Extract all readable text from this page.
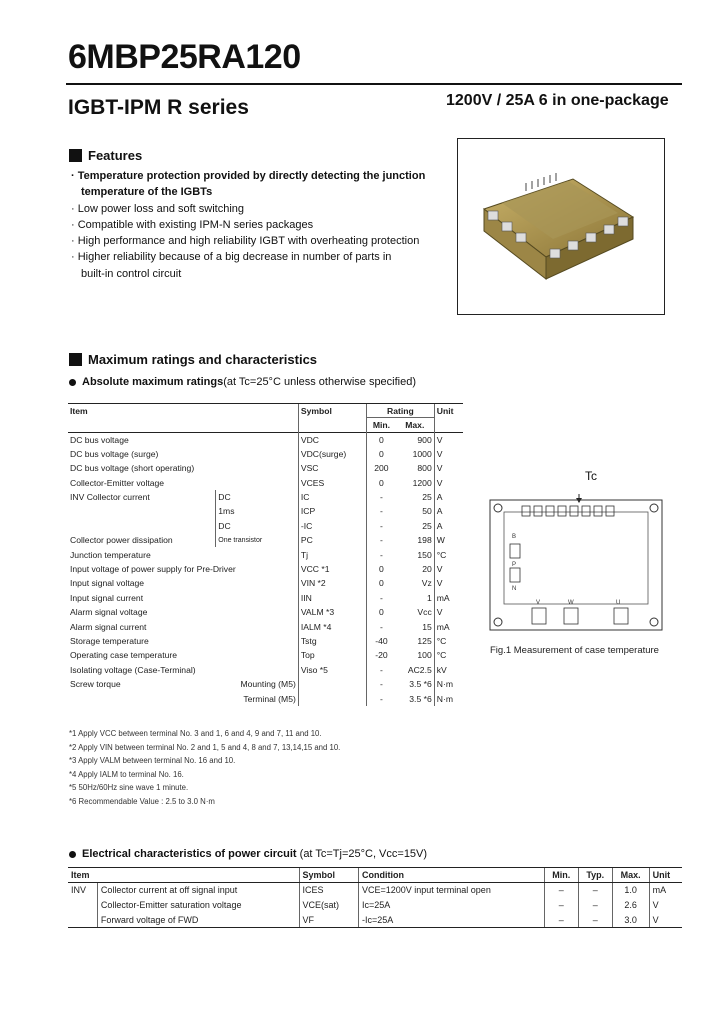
6MBP25RA120
IGBT-IPM R series	1200V / 25A 6 in one-package
Features
· Temperature protection provided by directly detecting the junction
temperature of the IGBTs
· Low power loss and soft switching
· Compatible with existing IPM-N series packages
· High performance and high reliability IGBT with overheating protection
· Higher reliability because of a big decrease in number of parts in
built-in control circuit
Maximum ratings and characteristics
Absolute maximum ratings(at Tc=25°C unless otherwise specified)
Item		Symbol	Rating		Unit
			Min.	Max.	
DC bus voltage		VDC	0	900	V
DC bus voltage (surge)		VDC(surge)	0	1000	V
DC bus voltage (short operating)		VSC	200	800	V
Collector-Emitter voltage		VCES	0	1200	V
INV Collector current	DC	IC	-	25	A
	1ms	ICP	-	50	A
	DC	-IC	-	25	A
Collector power dissipation	One transistor	PC	-	198	W
Junction temperature		Tj	-	150	°C
Input voltage of power supply for Pre-Driver		VCC *1	0	20	V
Input signal voltage		VIN *2	0	Vz	V
Input signal current		IIN	-	1	mA
Alarm signal voltage		VALM *3	0	Vcc	V
Alarm signal current		IALM *4	-	15	mA
Storage temperature		Tstg	-40	125	°C
Operating case temperature		Top	-20	100	°C
Isolating voltage (Case-Terminal)		Viso *5	-	AC2.5	kV
Screw torque	Mounting (M5)		-	3.5 *6	N·m
	Terminal (M5)		-	3.5 *6	N·m
*1 Apply VCC between terminal No. 3 and 1, 6 and 4, 9 and 7, 11 and 10.
*2 Apply VIN between terminal No. 2 and 1, 5 and 4, 8 and 7, 13,14,15 and 10.
*3 Apply VALM between terminal No. 16 and 10.
*4 Apply IALM to terminal No. 16.
*5 50Hz/60Hz sine wave 1 minute.
*6 Recommendable Value : 2.5 to 3.0 N·m
Tc
B
P
N
V	W	U
Fig.1 Measurement of case temperature
Electrical characteristics of power circuit (at Tc=Tj=25°C, Vcc=15V)
Item		Symbol	Condition	Min.	Typ.	Max.	Unit
INV	Collector current at off signal input	ICES	VCE=1200V input terminal open	–	–	1.0	mA
	Collector-Emitter saturation voltage	VCE(sat)	Ic=25A	–	–	2.6	V
	Forward voltage of FWD	VF	-Ic=25A	–	–	3.0	V
